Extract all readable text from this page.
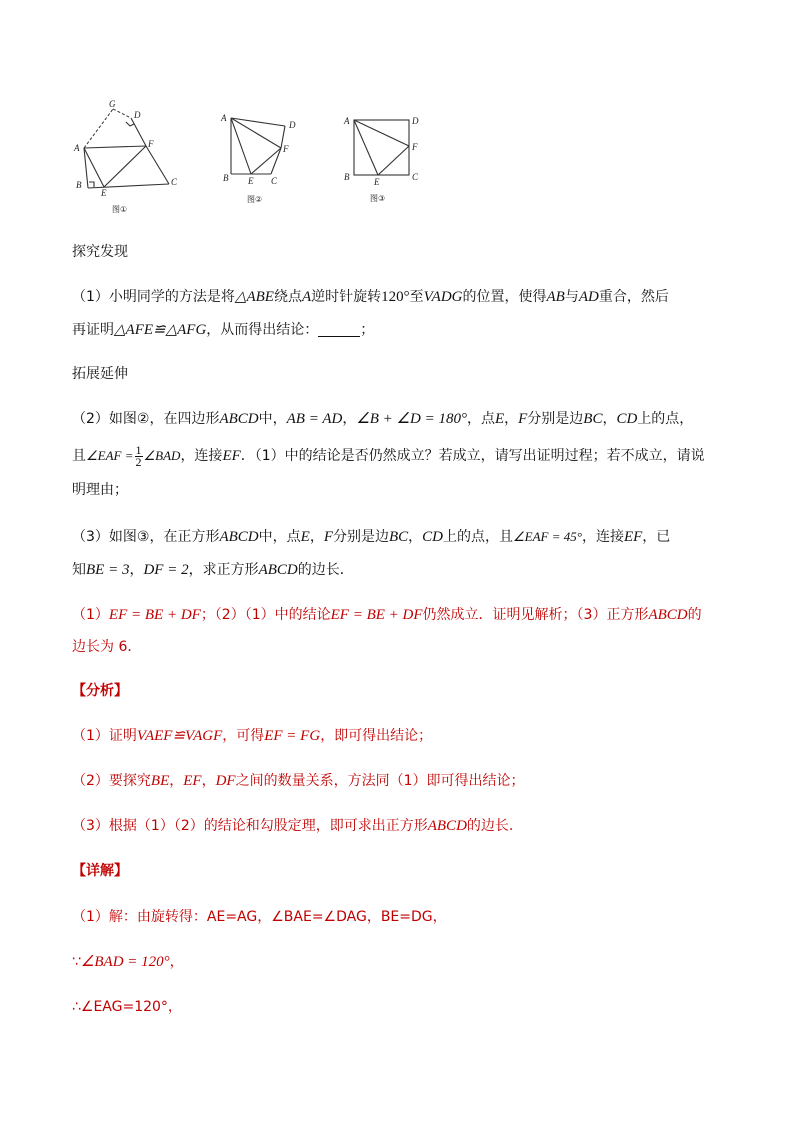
G
D
A	F
B
E
C
图①
A
D
F
B E C
图②
A	D
F
B	E	C
图③
探究发现
（1）小明同学的方法是将△ABE绕点A逆时针旋转120°至VADG的位置，使得AB与AD重合，然后
再证明△AFE≌△AFG，从而得出结论：	；
拓展延伸
（2）如图②，在四边形ABCD中，AB = AD，∠B + ∠D = 180°，点E，F分别是边BC，CD上的点，
且∠EAF = $\frac{1}{2}$ ∠BAD，连接EF．（1）中的结论是否仍然成立？若成立，请写出证明过程；若不成立，请说
明理由；
（3）如图③，在正方形ABCD中，点E，F分别是边BC，CD上的点，且∠EAF = 45°，连接EF，已
知BE = 3，DF = 2，求正方形ABCD的边长．
（1）EF = BE + DF；（2）（1）中的结论EF = BE + DF仍然成立．证明见解析；（3）正方形ABCD的
边长为 6．
【分析】
（1）证明VAEF≌VAGF，可得EF = FG，即可得出结论；
（2）要探究BE，EF，DF之间的数量关系，方法同（1）即可得出结论；
（3）根据（1）（2）的结论和勾股定理，即可求出正方形ABCD的边长.
【详解】
（1）解：由旋转得：AE=AG，∠BAE=∠DAG，BE=DG，
∵∠BAD = 120°，
∴∠EAG=120°，
